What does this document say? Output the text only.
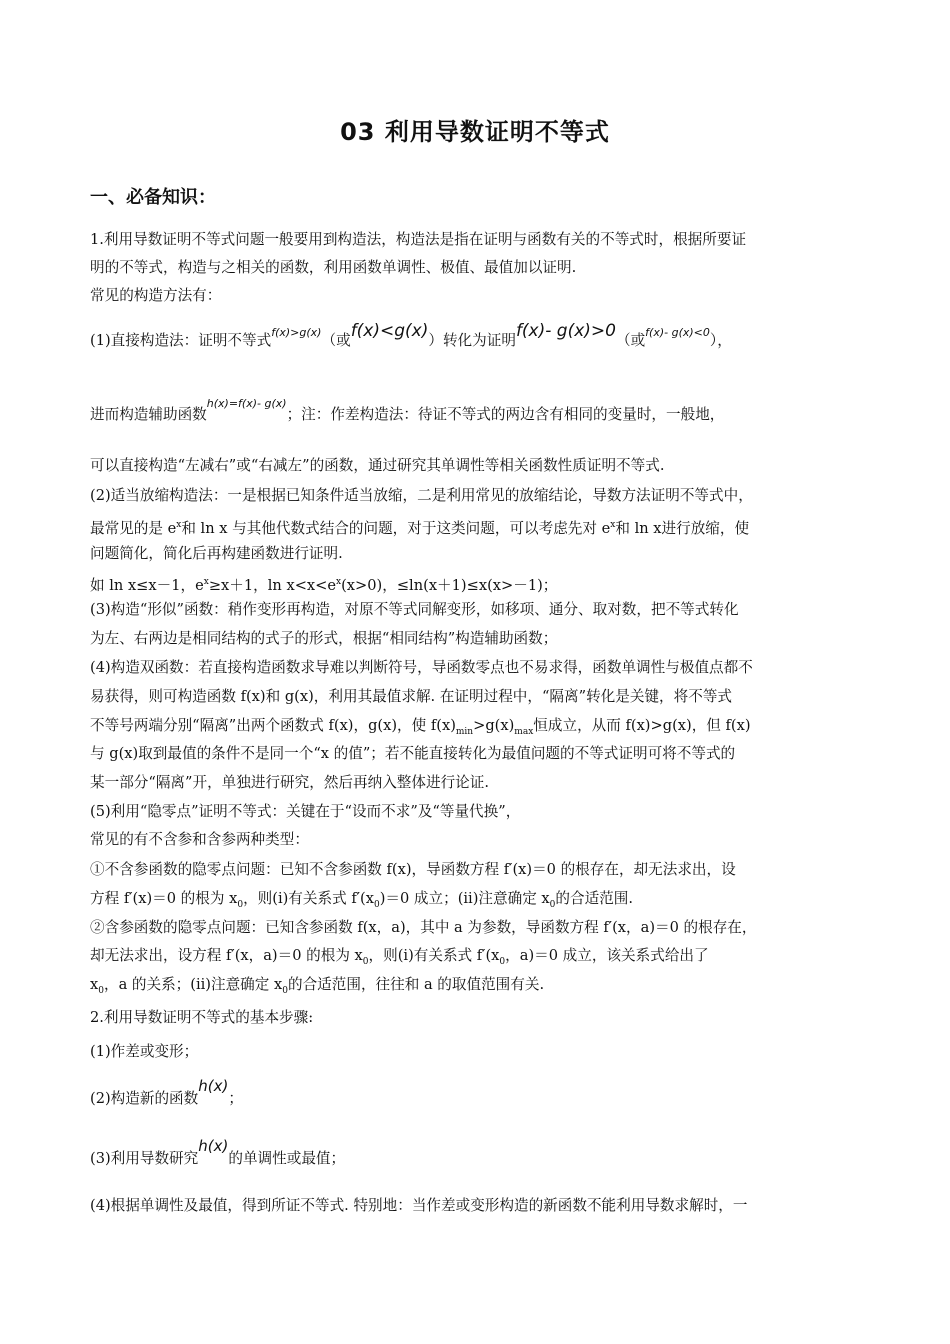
03 利用导数证明不等式
一、必备知识：
1.利用导数证明不等式问题一般要用到构造法，构造法是指在证明与函数有关的不等式时，根据所要证
明的不等式，构造与之相关的函数，利用函数单调性、极值、最值加以证明.
常见的构造方法有：
(1)直接构造法：证明不等式$^{f(x)>g(x)}$（或f(x)<g(x)）转化为证明f(x)- g(x)>0（或$^{f(x)- g(x)<0}$），
进而构造辅助函数$^{h(x)=f(x)- g(x)}$；注：作差构造法：待证不等式的两边含有相同的变量时，一般地，
可以直接构造“左减右”或“右减左”的函数，通过研究其单调性等相关函数性质证明不等式.
(2)适当放缩构造法：一是根据已知条件适当放缩，二是利用常见的放缩结论，导数方法证明不等式中，
最常见的是 $e^x$和 ln x 与其他代数式结合的问题，对于这类问题，可以考虑先对 $e^x$和 ln x进行放缩，使
问题简化，简化后再构建函数进行证明.
如 ln x≤x－1，$e^x\ge x+1$，$\ln x<x<e^x(x>0)$，≤ln(x＋1)≤x(x>－1)；
(3)构造“形似”函数：稍作变形再构造，对原不等式同解变形，如移项、通分、取对数，把不等式转化
为左、右两边是相同结构的式子的形式，根据“相同结构”构造辅助函数；
(4)构造双函数：若直接构造函数求导难以判断符号，导函数零点也不易求得，函数单调性与极值点都不
易获得，则可构造函数 f(x)和 g(x)，利用其最值求解. 在证明过程中，“隔离”转化是关键，将不等式
不等号两端分别“隔离”出两个函数式 f(x)，g(x)，使 $f(x)_{min}>g(x)_{max}$恒成立，从而 f(x)>g(x)，但 f(x)
与 g(x)取到最值的条件不是同一个“x 的值”；若不能直接转化为最值问题的不等式证明可将不等式的
某一部分“隔离”开，单独进行研究，然后再纳入整体进行论证.
(5)利用“隐零点”证明不等式：关键在于“设而不求”及“等量代换”，
常见的有不含参和含参两种类型：
①不含参函数的隐零点问题：已知不含参函数 f(x)，导函数方程 f′(x)＝0 的根存在，却无法求出，设
方程 f′(x)＝0 的根为 $x_0$，则(i)有关系式 $f'(x_0)=0$ 成立；(ii)注意确定 $x_0$的合适范围.
②含参函数的隐零点问题：已知含参函数 f(x，a)，其中 a 为参数，导函数方程 f′(x，a)＝0 的根存在，
却无法求出，设方程 f′(x，a)＝0 的根为 $x_0$，则(i)有关系式 $f'(x_0$，a)＝0 成立，该关系式给出了
$x_0$，a 的关系；(ii)注意确定 $x_0$的合适范围，往往和 a 的取值范围有关.
2.利用导数证明不等式的基本步骤:
(1)作差或变形；
(2)构造新的函数h(x)；
(3)利用导数研究h(x)的单调性或最值；
(4)根据单调性及最值，得到所证不等式. 特别地：当作差或变形构造的新函数不能利用导数求解时，一
